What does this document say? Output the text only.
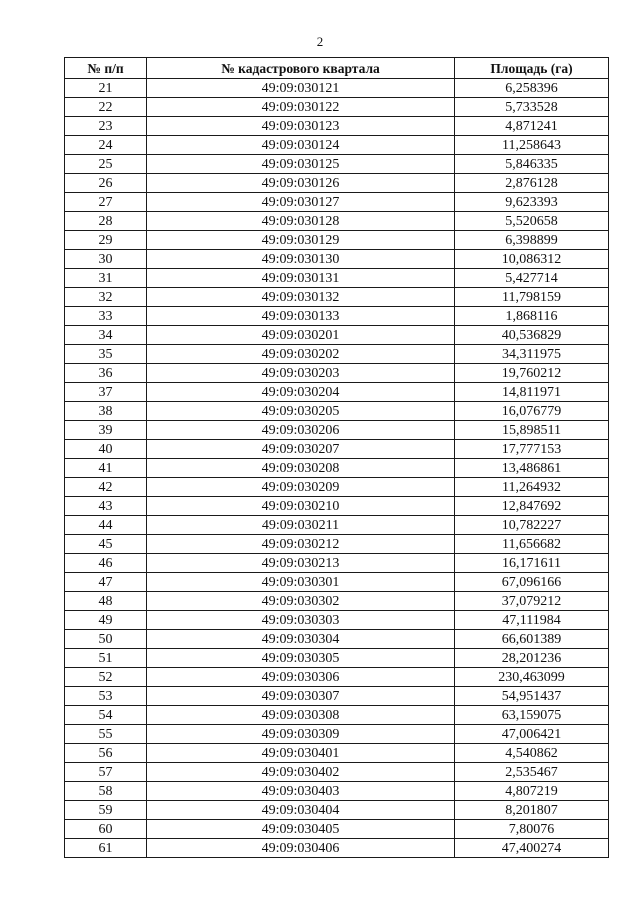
2
№ п/п	№ кадастрового квартала	Площадь (га)
21	49:09:030121	6,258396
22	49:09:030122	5,733528
23	49:09:030123	4,871241
24	49:09:030124	11,258643
25	49:09:030125	5,846335
26	49:09:030126	2,876128
27	49:09:030127	9,623393
28	49:09:030128	5,520658
29	49:09:030129	6,398899
30	49:09:030130	10,086312
31	49:09:030131	5,427714
32	49:09:030132	11,798159
33	49:09:030133	1,868116
34	49:09:030201	40,536829
35	49:09:030202	34,311975
36	49:09:030203	19,760212
37	49:09:030204	14,811971
38	49:09:030205	16,076779
39	49:09:030206	15,898511
40	49:09:030207	17,777153
41	49:09:030208	13,486861
42	49:09:030209	11,264932
43	49:09:030210	12,847692
44	49:09:030211	10,782227
45	49:09:030212	11,656682
46	49:09:030213	16,171611
47	49:09:030301	67,096166
48	49:09:030302	37,079212
49	49:09:030303	47,111984
50	49:09:030304	66,601389
51	49:09:030305	28,201236
52	49:09:030306	230,463099
53	49:09:030307	54,951437
54	49:09:030308	63,159075
55	49:09:030309	47,006421
56	49:09:030401	4,540862
57	49:09:030402	2,535467
58	49:09:030403	4,807219
59	49:09:030404	8,201807
60	49:09:030405	7,80076
61	49:09:030406	47,400274
